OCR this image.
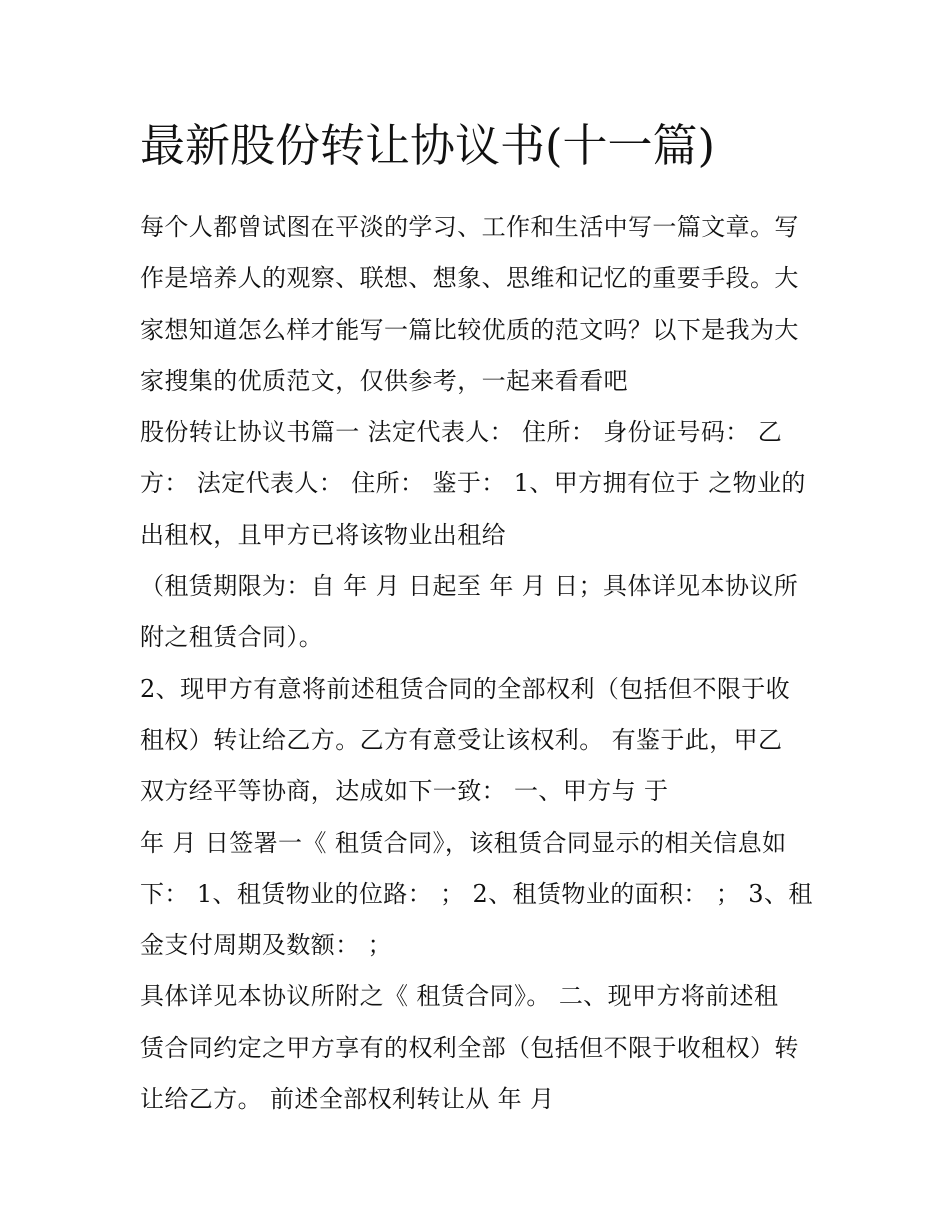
最新股份转让协议书(十一篇)
每个人都曾试图在平淡的学习、工作和生活中写一篇文章。写
作是培养人的观察、联想、想象、思维和记忆的重要手段。大
家想知道怎么样才能写一篇比较优质的范文吗？以下是我为大
家搜集的优质范文，仅供参考，一起来看看吧
股份转让协议书篇一 法定代表人： 住所： 身份证号码： 乙
方： 法定代表人： 住所： 鉴于： 1、甲方拥有位于 之物业的
出租权，且甲方已将该物业出租给
（租赁期限为：自 年 月 日起至 年 月 日；具体详见本协议所
附之租赁合同）。
2、现甲方有意将前述租赁合同的全部权利（包括但不限于收
租权）转让给乙方。乙方有意受让该权利。 有鉴于此，甲乙
双方经平等协商，达成如下一致： 一、甲方与 于
年 月 日签署一《 租赁合同》，该租赁合同显示的相关信息如
下： 1、租赁物业的位路： ； 2、租赁物业的面积： ； 3、租
金支付周期及数额： ；
具体详见本协议所附之《 租赁合同》。 二、现甲方将前述租
赁合同约定之甲方享有的权利全部（包括但不限于收租权）转
让给乙方。 前述全部权利转让从 年 月
